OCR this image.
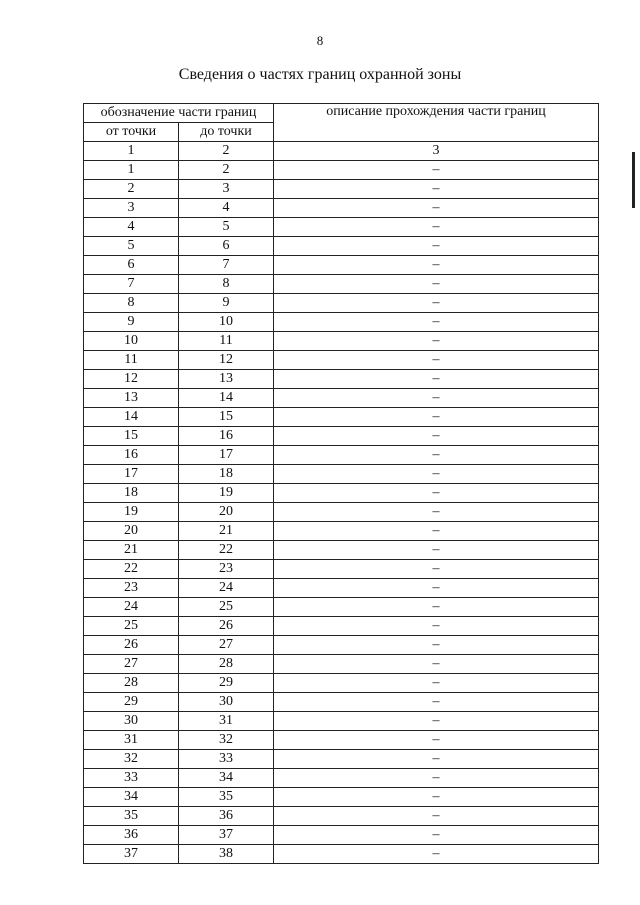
8
Сведения о частях границ охранной зоны
обозначение части границ		описание прохождения части границ
от точки	до точки	
1	2	3
1	2	–
2	3	–
3	4	–
4	5	–
5	6	–
6	7	–
7	8	–
8	9	–
9	10	–
10	11	–
11	12	–
12	13	–
13	14	–
14	15	–
15	16	–
16	17	–
17	18	–
18	19	–
19	20	–
20	21	–
21	22	–
22	23	–
23	24	–
24	25	–
25	26	–
26	27	–
27	28	–
28	29	–
29	30	–
30	31	–
31	32	–
32	33	–
33	34	–
34	35	–
35	36	–
36	37	–
37	38	–
